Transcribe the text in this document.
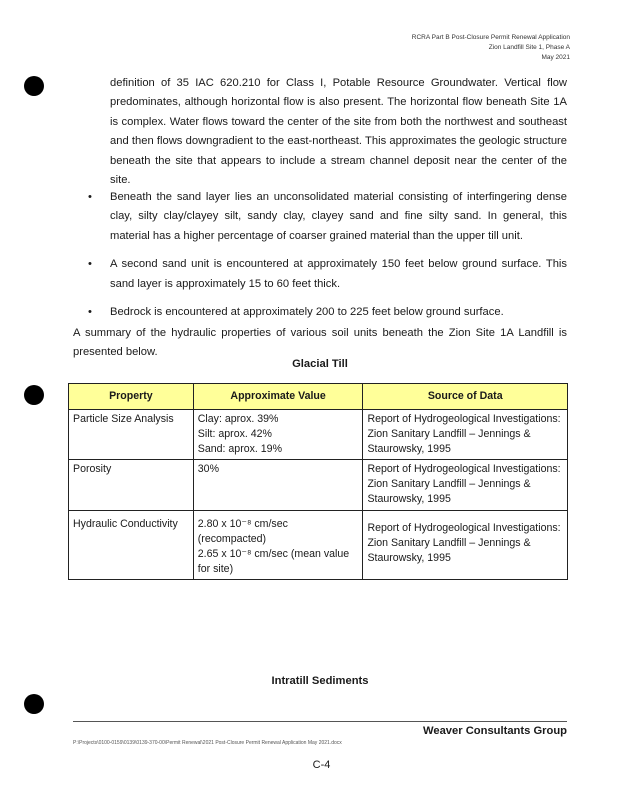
RCRA Part B Post-Closure Permit Renewal Application
Zion Landfill Site 1, Phase A
May 2021
definition of 35 IAC 620.210 for Class I, Potable Resource Groundwater. Vertical flow predominates, although horizontal flow is also present. The horizontal flow beneath Site 1A is complex. Water flows toward the center of the site from both the northwest and southeast and then flows downgradient to the east-northeast. This approximates the geologic structure beneath the site that appears to include a stream channel deposit near the center of the site.
• Beneath the sand layer lies an unconsolidated material consisting of interfingering dense clay, silty clay/clayey silt, sandy clay, clayey sand and fine silty sand. In general, this material has a higher percentage of coarser grained material than the upper till unit.
• A second sand unit is encountered at approximately 150 feet below ground surface. This sand layer is approximately 15 to 60 feet thick.
• Bedrock is encountered at approximately 200 to 225 feet below ground surface.
A summary of the hydraulic properties of various soil units beneath the Zion Site 1A Landfill is presented below.
Glacial Till
Property	Approximate Value	Source of Data
Particle Size Analysis	Clay: aprox. 39%
Silt: aprox. 42%
Sand: aprox. 19%	Report of Hydrogeological Investigations: Zion Sanitary Landfill – Jennings & Staurowsky, 1995
Porosity	30%	Report of Hydrogeological Investigations: Zion Sanitary Landfill – Jennings & Staurowsky, 1995
Hydraulic Conductivity	2.80 x 10⁻⁸ cm/sec (recompacted)
2.65 x 10⁻⁸ cm/sec (mean value for site)	Report of Hydrogeological Investigations: Zion Sanitary Landfill – Jennings & Staurowsky, 1995
Intratill Sediments
Weaver Consultants Group
P:\Projects\0100-0159\0139\0139-370-00\Permit Renewal\2021 Post-Closure Permit Renewal Application May 2021.docx
C-4
